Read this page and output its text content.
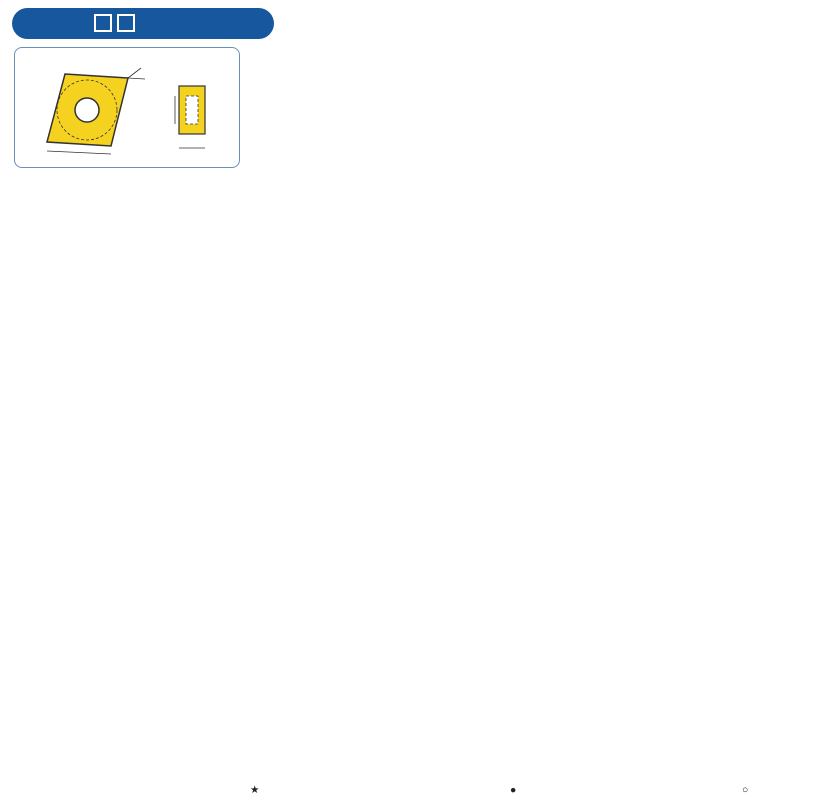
★	●	○
